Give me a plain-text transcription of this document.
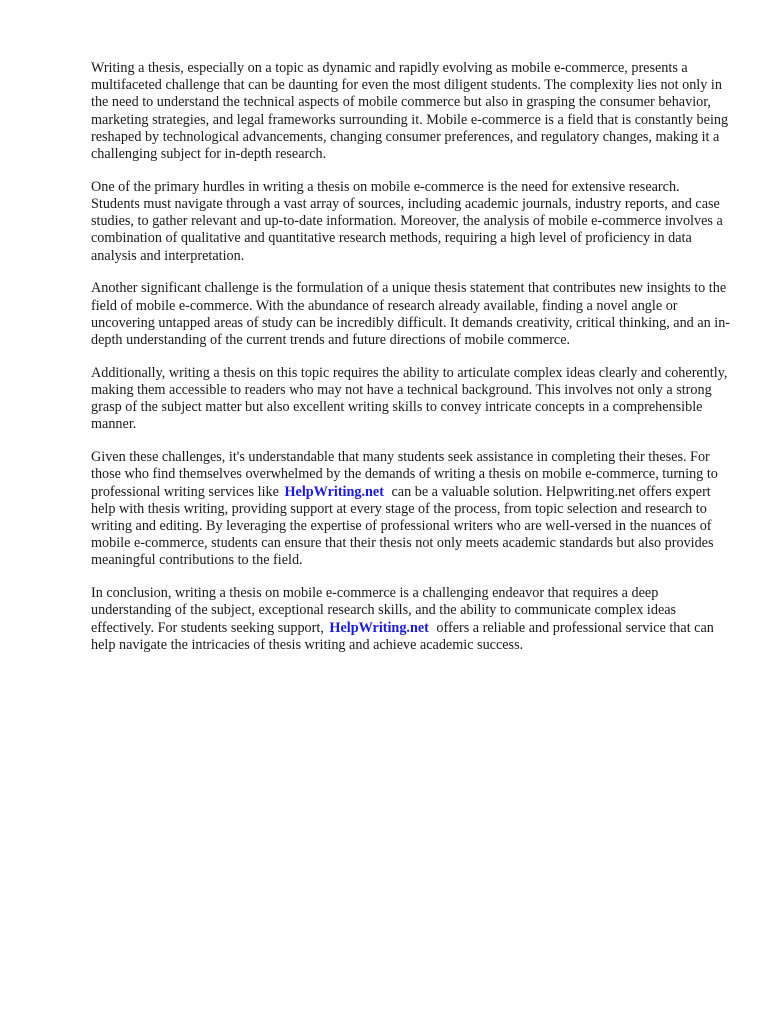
Writing a thesis, especially on a topic as dynamic and rapidly evolving as mobile e-commerce, presents a multifaceted challenge that can be daunting for even the most diligent students. The complexity lies not only in the need to understand the technical aspects of mobile commerce but also in grasping the consumer behavior, marketing strategies, and legal frameworks surrounding it. Mobile e-commerce is a field that is constantly being reshaped by technological advancements, changing consumer preferences, and regulatory changes, making it a challenging subject for in-depth research.

One of the primary hurdles in writing a thesis on mobile e-commerce is the need for extensive research. Students must navigate through a vast array of sources, including academic journals, industry reports, and case studies, to gather relevant and up-to-date information. Moreover, the analysis of mobile e-commerce involves a combination of qualitative and quantitative research methods, requiring a high level of proficiency in data analysis and interpretation.

Another significant challenge is the formulation of a unique thesis statement that contributes new insights to the field of mobile e-commerce. With the abundance of research already available, finding a novel angle or uncovering untapped areas of study can be incredibly difficult. It demands creativity, critical thinking, and an in-depth understanding of the current trends and future directions of mobile commerce.

Additionally, writing a thesis on this topic requires the ability to articulate complex ideas clearly and coherently, making them accessible to readers who may not have a technical background. This involves not only a strong grasp of the subject matter but also excellent writing skills to convey intricate concepts in a comprehensible manner.

Given these challenges, it's understandable that many students seek assistance in completing their theses. For those who find themselves overwhelmed by the demands of writing a thesis on mobile e-commerce, turning to professional writing services like HelpWriting.net can be a valuable solution. Helpwriting.net offers expert help with thesis writing, providing support at every stage of the process, from topic selection and research to writing and editing. By leveraging the expertise of professional writers who are well-versed in the nuances of mobile e-commerce, students can ensure that their thesis not only meets academic standards but also provides meaningful contributions to the field.

In conclusion, writing a thesis on mobile e-commerce is a challenging endeavor that requires a deep understanding of the subject, exceptional research skills, and the ability to communicate complex ideas effectively. For students seeking support, HelpWriting.net offers a reliable and professional service that can help navigate the intricacies of thesis writing and achieve academic success.
